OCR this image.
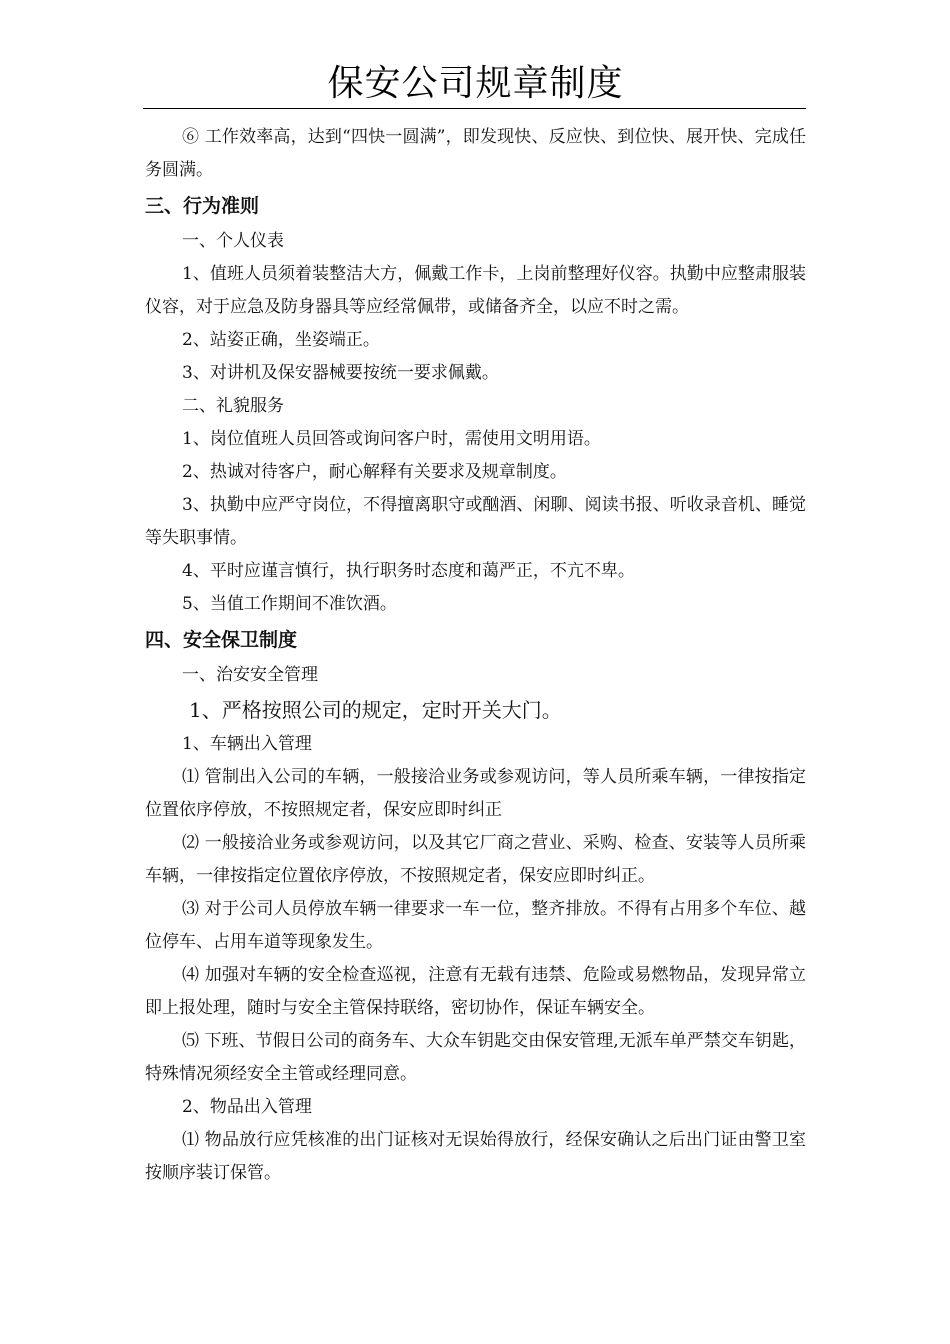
保安公司规章制度

⑥ 工作效率高，达到“四快一圆满”，即发现快、反应快、到位快、展开快、完成任务圆满。

三、行为准则

一、个人仪表

1、值班人员须着装整洁大方，佩戴工作卡，上岗前整理好仪容。执勤中应整肃服装仪容，对于应急及防身器具等应经常佩带，或储备齐全，以应不时之需。

2、站姿正确，坐姿端正。

3、对讲机及保安器械要按统一要求佩戴。

二、礼貌服务

1、岗位值班人员回答或询问客户时，需使用文明用语。

2、热诚对待客户，耐心解释有关要求及规章制度。

3、执勤中应严守岗位，不得擅离职守或酗酒、闲聊、阅读书报、听收录音机、睡觉等失职事情。

4、平时应谨言慎行，执行职务时态度和蔼严正，不亢不卑。

5、当值工作期间不准饮酒。

四、安全保卫制度

一、治安安全管理

1、严格按照公司的规定，定时开关大门。

1、车辆出入管理

⑴ 管制出入公司的车辆，一般接洽业务或参观访问，等人员所乘车辆，一律按指定位置依序停放，不按照规定者，保安应即时纠正

⑵ 一般接洽业务或参观访问，以及其它厂商之营业、采购、检查、安装等人员所乘车辆，一律按指定位置依序停放，不按照规定者，保安应即时纠正。

⑶ 对于公司人员停放车辆一律要求一车一位，整齐排放。不得有占用多个车位、越位停车、占用车道等现象发生。

⑷ 加强对车辆的安全检查巡视，注意有无载有违禁、危险或易燃物品，发现异常立即上报处理，随时与安全主管保持联络，密切协作，保证车辆安全。

⑸ 下班、节假日公司的商务车、大众车钥匙交由保安管理,无派车单严禁交车钥匙，特殊情况须经安全主管或经理同意。

2、物品出入管理

⑴ 物品放行应凭核准的出门证核对无误始得放行，经保安确认之后出门证由警卫室按顺序装订保管。
